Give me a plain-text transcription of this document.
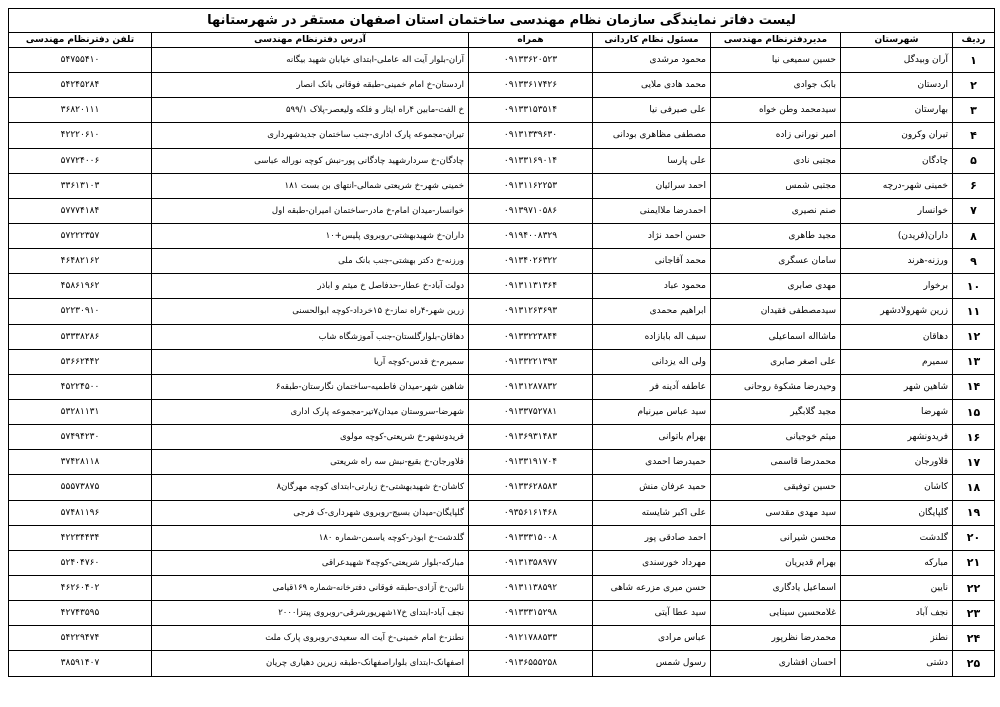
لیست دفاتر نمایندگی سازمان نظام مهندسی ساختمان استان اصفهان مستقر در شهرستانها						
ردیف	شهرستان	مدیردفترنظام مهندسی	مسئول نظام کاردانی	همراه	آدرس دفترنظام مهندسی	تلفن دفترنظام مهندسی
۱	آران وبیدگل	حسین سمیعی نیا	محمود مرشدی	۰۹۱۳۳۶۲۰۵۲۳	آران-بلوار آیت اله عاملی-ابتدای خیابان شهید بیگانه	۵۴۷۵۵۴۱۰
۲	اردستان	بابک جوادی	محمد هادی ملایی	۰۹۱۳۳۶۱۷۴۲۶	اردستان-خ امام خمینی-طبقه فوقانی بانک انصار	۵۴۲۴۵۲۸۴
۳	بهارستان	سیدمحمد وطن خواه	علی صیرفی نیا	۰۹۱۳۳۱۵۳۵۱۴	خ الفت-مابین ۴راه ایثار و فلکه ولیعصر-پلاک ۵۹۹/۱	۳۶۸۲۰۱۱۱
۴	تیران وکرون	امیر نورانی زاده	مصطفی مظاهری بودانی	۰۹۱۳۱۳۳۹۶۳۰	تیران-مجموعه پارک اداری-جنب ساختمان جدیدشهرداری	۴۲۲۲۰۶۱۰
۵	چادگان	مجتبی نادی	علی پارسا	۰۹۱۳۳۱۶۹۰۱۴	چادگان-خ سردارشهید چادگانی پور-نبش کوچه نوراله عباسی	۵۷۷۲۴۰۰۶
۶	خمینی شهر-درچه	مجتبی شمس	احمد سرائیان	۰۹۱۳۱۱۶۲۲۵۳	خمینی شهر-خ شریعتی شمالی-انتهای بن بست ۱۸۱	۳۳۶۱۳۱۰۳
۷	خوانسار	صنم نصیری	احمدرضا ملاایمنی	۰۹۱۳۹۷۱۰۵۸۶	خوانسار-میدان امام-خ مادر-ساختمان امیران-طبقه اول	۵۷۷۷۴۱۸۴
۸	داران(فریدن)	مجید طاهری	حسن احمد نژاد	۰۹۱۹۴۰۰۸۳۲۹	داران-خ شهیدبهشتی-روبروی پلیس+۱۰	۵۷۲۲۲۳۵۷
۹	ورزنه-هرند	سامان عسگری	محمد آقاجانی	۰۹۱۳۴۰۲۶۳۲۲	ورزنه-خ دکتر بهشتی-جنب بانک ملی	۴۶۴۸۲۱۶۲
۱۰	برخوار	مهدی صابری	محمود عباد	۰۹۱۳۱۱۳۱۳۶۴	دولت آباد-خ عطار-حدفاصل خ میثم و اباذر	۴۵۸۶۱۹۶۲
۱۱	زرین شهرولادشهر	سیدمصطفی فقیدان	ابراهیم محمدی	۰۹۱۳۱۲۶۳۶۹۳	زرین شهر-۴راه نماز-خ ۱۵خرداد-کوچه ابوالحسنی	۵۲۲۳۰۹۱۰
۱۲	دهاقان	ماشااله اسماعیلی	سیف اله بابازاده	۰۹۱۳۳۲۲۳۸۴۴	دهاقان-بلوارگلستان-جنب آموزشگاه شاب	۵۳۳۳۸۲۸۶
۱۳	سمیرم	علی اصغر صابری	ولی اله یزدانی	۰۹۱۳۳۲۲۱۳۹۳	سمیرم-خ قدس-کوچه آریا	۵۳۶۶۲۴۴۲
۱۴	شاهین شهر	وحیدرضا مشکوة روحانی	عاطفه آدینه فر	۰۹۱۳۱۲۸۷۸۳۲	شاهین شهر-میدان فاطمیه-ساختمان نگارستان-طبقه۶	۴۵۲۲۴۵۰۰
۱۵	شهرضا	مجید گلابگیر	سید عباس میرنیام	۰۹۱۳۳۷۵۲۷۸۱	شهرضا-سروستان میدان۷تیر-مجموعه پارک اداری	۵۳۲۸۱۱۳۱
۱۶	فریدونشهر	میثم خوجیانی	بهرام باتوانی	۰۹۱۳۶۹۳۱۴۸۳	فریدونشهر-خ شریعتی-کوچه مولوی	۵۷۴۹۴۲۳۰
۱۷	فلاورجان	محمدرضا قاسمی	حمیدرضا احمدی	۰۹۱۳۳۱۹۱۷۰۴	فلاورجان-خ بقیع-نبش سه راه شریعتی	۳۷۴۲۸۱۱۸
۱۸	کاشان	حسین توفیقی	حمید عرفان منش	۰۹۱۳۳۶۲۸۵۸۳	کاشان-خ شهیدبهشتی-خ زیارتی-ابتدای کوچه مهرگان۸	۵۵۵۷۳۸۷۵
۱۹	گلپایگان	سید مهدی مقدسی	علی اکبر شایسته	۰۹۳۵۶۱۶۱۴۶۸	گلپایگان-میدان بسیج-روبروی شهرداری-ک فرجی	۵۷۴۸۱۱۹۶
۲۰	گلدشت	محسن شیرانی	احمد صادقی پور	۰۹۱۳۳۳۱۵۰۰۸	گلدشت-خ ابوذر-کوچه یاسمن-شماره ۱۸۰	۴۲۲۳۴۴۳۴
۲۱	مبارکه	بهرام قدیریان	مهرداد خورسندی	۰۹۱۳۱۳۵۸۹۷۷	مبارکه-بلوار شریعتی-کوچه۴ شهیدعراقی	۵۲۴۰۴۷۶۰
۲۲	نایین	اسماعیل یادگاری	حسن میری مزرعه شاهی	۰۹۱۳۱۱۳۸۵۹۲	نائین-خ آزادی-طبقه فوقانی دفترخانه-شماره ۱۶۹قیامی	۴۶۲۶۰۴۰۲
۲۳	نجف آباد	غلامحسین سینایی	سید عطا آیتی	۰۹۱۳۳۳۱۵۲۹۸	نجف آباد-ابتدای خ۱۷شهریورشرقی-روبروی پیتزا۲۰۰۰	۴۲۷۴۳۵۹۵
۲۴	نطنز	محمدرضا نظرپور	عباس مرادی	۰۹۱۲۱۷۸۸۵۳۳	نطنز-خ امام خمینی-خ آیت اله سعیدی-روبروی پارک ملت	۵۴۲۲۹۴۷۴
۲۵	دشتی	احسان افشاری	رسول شمس	۰۹۱۳۶۵۵۵۲۵۸	اصفهانک-ابتدای بلواراصفهانک-طبقه زیرین دهیاری چریان	۳۸۵۹۱۴۰۷
